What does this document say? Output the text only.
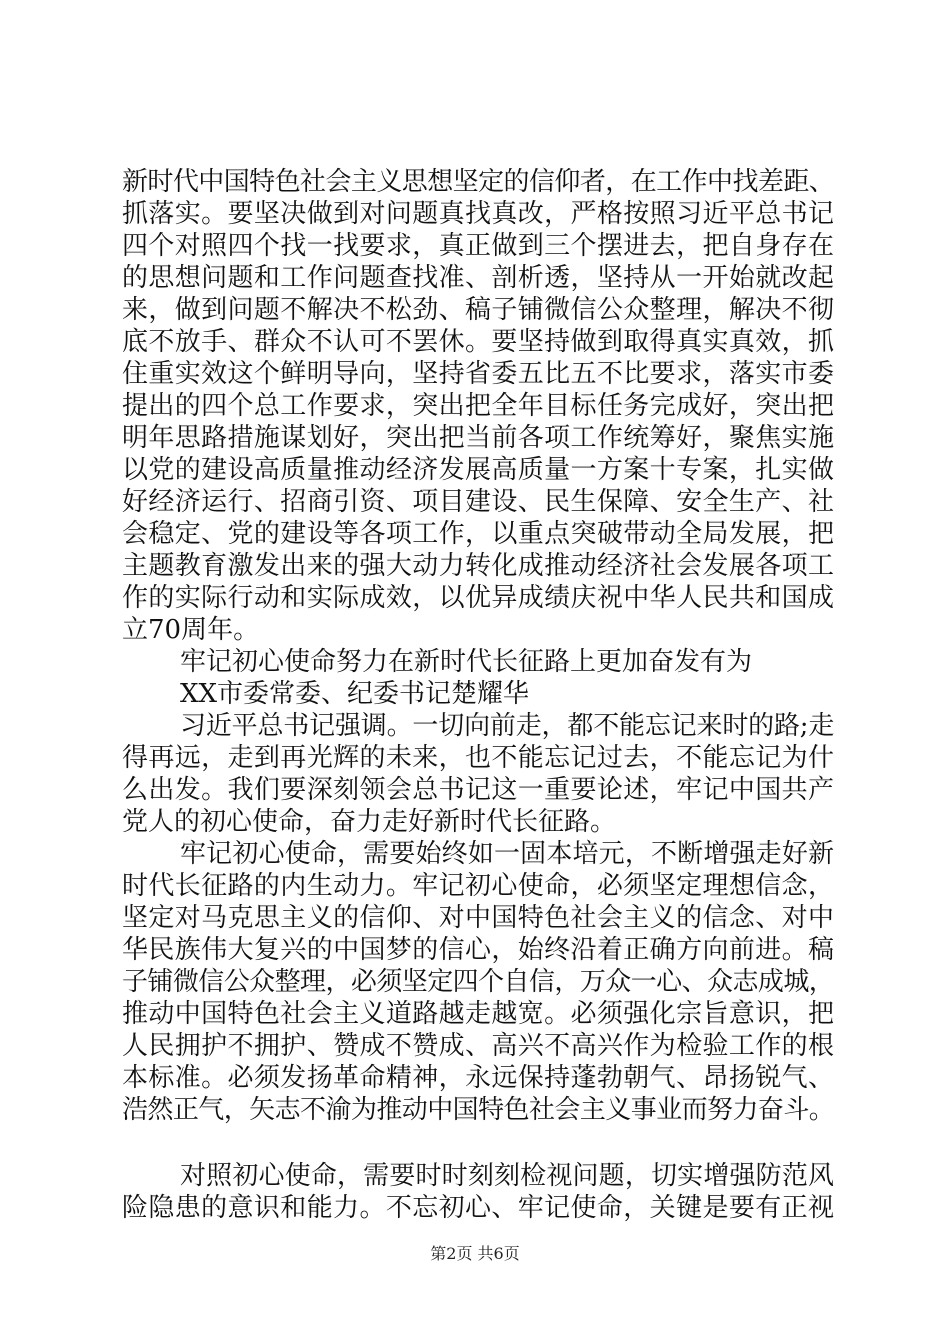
新时代中国特色社会主义思想坚定的信仰者，在工作中找差距、
抓落实。要坚决做到对问题真找真改，严格按照习近平总书记
四个对照四个找一找要求，真正做到三个摆进去，把自身存在
的思想问题和工作问题查找准、剖析透，坚持从一开始就改起
来，做到问题不解决不松劲、稿子铺微信公众整理，解决不彻
底不放手、群众不认可不罢休。要坚持做到取得真实真效，抓
住重实效这个鲜明导向，坚持省委五比五不比要求，落实市委
提出的四个总工作要求，突出把全年目标任务完成好，突出把
明年思路措施谋划好，突出把当前各项工作统筹好，聚焦实施
以党的建设高质量推动经济发展高质量一方案十专案，扎实做
好经济运行、招商引资、项目建设、民生保障、安全生产、社
会稳定、党的建设等各项工作，以重点突破带动全局发展，把
主题教育激发出来的强大动力转化成推动经济社会发展各项工
作的实际行动和实际成效，以优异成绩庆祝中华人民共和国成
立70周年。
牢记初心使命努力在新时代长征路上更加奋发有为
XX市委常委、纪委书记楚耀华
习近平总书记强调。一切向前走，都不能忘记来时的路;走
得再远，走到再光辉的未来，也不能忘记过去，不能忘记为什
么出发。我们要深刻领会总书记这一重要论述，牢记中国共产
党人的初心使命，奋力走好新时代长征路。
牢记初心使命，需要始终如一固本培元，不断增强走好新
时代长征路的内生动力。牢记初心使命，必须坚定理想信念，
坚定对马克思主义的信仰、对中国特色社会主义的信念、对中
华民族伟大复兴的中国梦的信心，始终沿着正确方向前进。稿
子铺微信公众整理，必须坚定四个自信，万众一心、众志成城，
推动中国特色社会主义道路越走越宽。必须强化宗旨意识，把
人民拥护不拥护、赞成不赞成、高兴不高兴作为检验工作的根
本标准。必须发扬革命精神，永远保持蓬勃朝气、昂扬锐气、
浩然正气，矢志不渝为推动中国特色社会主义事业而努力奋斗。
对照初心使命，需要时时刻刻检视问题，切实增强防范风
险隐患的意识和能力。不忘初心、牢记使命，关键是要有正视
第2页 共6页
